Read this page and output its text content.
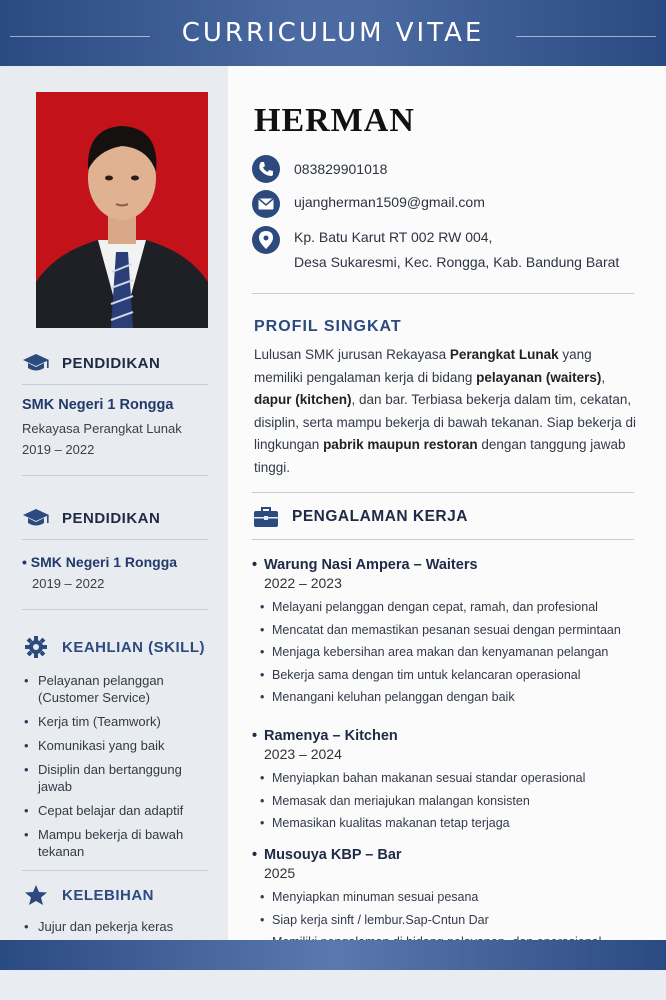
CURRICULUM VITAE
PENDIDIKAN
SMK Negeri 1 Rongga
Rekayasa Perangkat Lunak
2019 – 2022
PENDIDIKAN
• SMK Negeri 1 Rongga
2019 – 2022
KEAHLIAN (SKILL)
• Pelayanan pelanggan (Customer Service)
• Kerja tim (Teamwork)
• Komunikasi yang baik
• Disiplin dan bertanggung jawab
• Cepat belajar dan adaptif
• Mampu bekerja di bawah tekanan
KELEBIHAN
• Jujur dan pekerja keras
•
HERMAN
083829901018
ujangherman1509@gmail.com
Kp. Batu Karut RT 002 RW 004,
Desa Sukaresmi, Kec. Rongga, Kab. Bandung Barat
PROFIL SINGKAT
Lulusan SMK jurusan Rekayasa Perangkat Lunak yang memiliki pengalaman kerja di bidang pelayanan (waiters), dapur (kitchen), dan bar. Terbiasa bekerja dalam tim, cekatan, disiplin, serta mampu bekerja di bawah tekanan. Siap bekerja di lingkungan pabrik maupun restoran dengan tanggung jawab tinggi.
PENGALAMAN KERJA
• Warung Nasi Ampera – Waiters
2022 – 2023
• Melayani pelanggan dengan cepat, ramah, dan profesional
• Mencatat dan memastikan pesanan sesuai dengan permintaan
• Menjaga kebersihan area makan dan kenyamanan pelangan
• Bekerja sama dengan tim untuk kelancaran operasional
• Menangani keluhan pelanggan dengan baik
• Ramenya – Kitchen
2023 – 2024
• Menyiapkan bahan makanan sesuai standar operasional
• Memasak dan meriajukan malangan konsisten
• Memasikan kualitas makanan tetap terjaga
• Musouya KBP – Bar
2025
• Menyiapkan minuman sesuai pesana
• Siap kerja sinft / lembur.Sap-Cntun Dar
•
